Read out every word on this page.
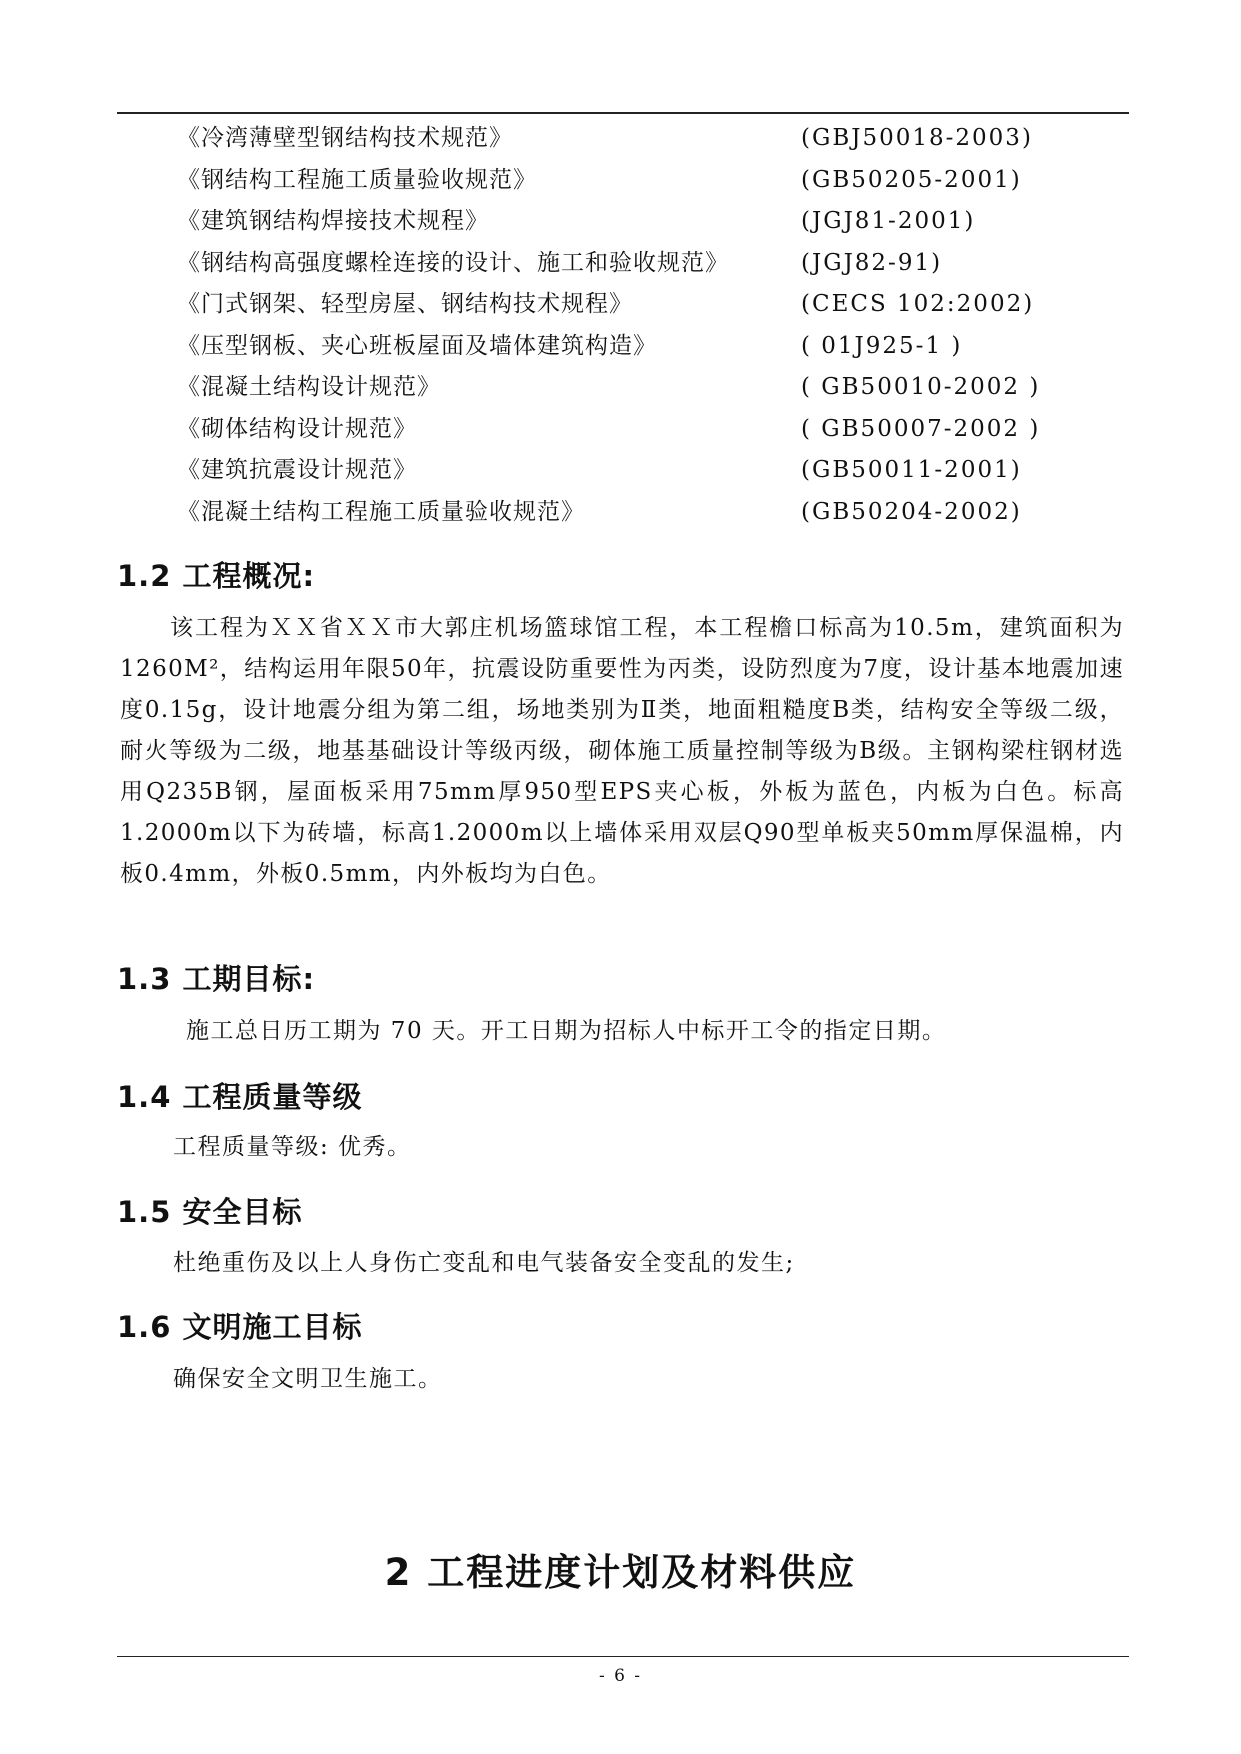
《冷湾薄壁型钢结构技术规范》	(GBJ50018-2003)
《钢结构工程施工质量验收规范》	(GB50205-2001)
《建筑钢结构焊接技术规程》	(JGJ81-2001)
《钢结构高强度螺栓连接的设计、施工和验收规范》	(JGJ82-91)
《门式钢架、轻型房屋、钢结构技术规程》	(CECS 102:2002)
《压型钢板、夹心班板屋面及墙体建筑构造》	( 01J925-1 )
《混凝土结构设计规范》	( GB50010-2002 )
《砌体结构设计规范》	( GB50007-2002 )
《建筑抗震设计规范》	(GB50011-2001)
《混凝土结构工程施工质量验收规范》	(GB50204-2002)
1.2 工程概况:

该工程为ＸＸ省ＸＸ市大郭庄机场篮球馆工程，本工程檐口标高为10.5m，建筑面积为1260M²，结构运用年限50年，抗震设防重要性为丙类，设防烈度为7度，设计基本地震加速度0.15g，设计地震分组为第二组，场地类别为Ⅱ类，地面粗糙度B类，结构安全等级二级，耐火等级为二级，地基基础设计等级丙级，砌体施工质量控制等级为B级。主钢构梁柱钢材选用Q235B钢，屋面板采用75mm厚950型EPS夹心板，外板为蓝色，内板为白色。标高1.2000m以下为砖墙，标高1.2000m以上墙体采用双层Q90型单板夹50mm厚保温棉，内板0.4mm，外板0.5mm，内外板均为白色。

1.3 工期目标:

施工总日历工期为 70 天。开工日期为招标人中标开工令的指定日期。

1.4 工程质量等级

工程质量等级: 优秀。

1.5 安全目标

杜绝重伤及以上人身伤亡变乱和电气装备安全变乱的发生;

1.6 文明施工目标

确保安全文明卫生施工。

2 工程进度计划及材料供应
- 6 -
